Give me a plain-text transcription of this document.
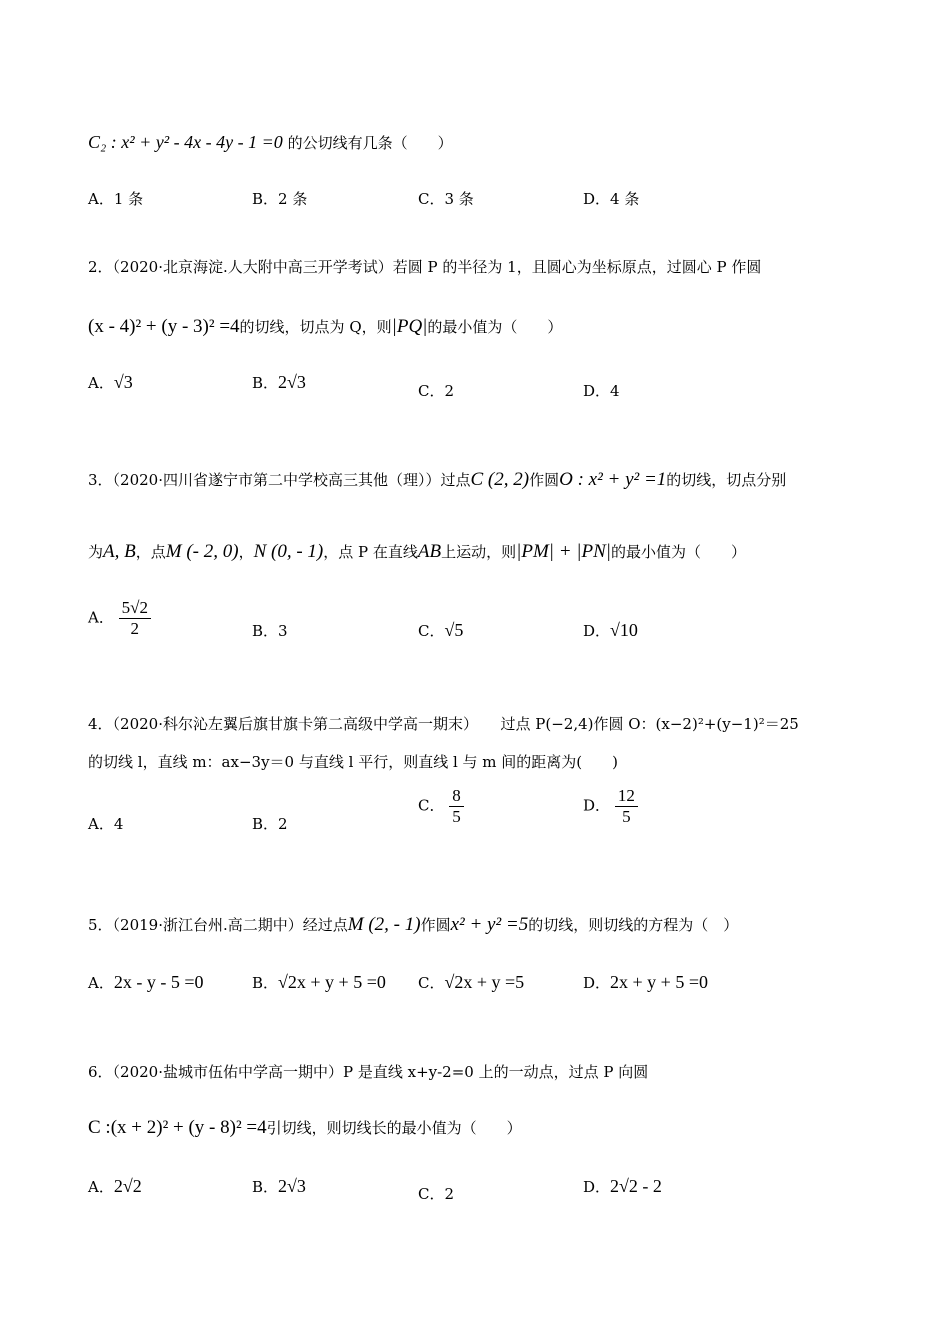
C₂ : x² + y² - 4x - 4y - 1 =0 的公切线有几条（　　）
A．1 条	B．2 条	C．3 条	D．4 条
2．（2020·北京海淀.人大附中高三开学考试）若圆 P 的半径为 1，且圆心为坐标原点，过圆心 P 作圆
(x - 4)² + (y - 3)² =4的切线，切点为 Q，则|PQ|的最小值为（　　）
A．√3	B．2√3	C．2	D．4
3．（2020·四川省遂宁市第二中学校高三其他（理））过点C (2, 2)作圆O : x² + y² =1的切线，切点分别
为A, B，点M (- 2, 0)，N (0, - 1)，点 P 在直线AB上运动，则|PM| + |PN|的最小值为（　　）
A． $\frac{5√2}{2}$	B．3	C．√5	D．√10
4．（2020·科尔沁左翼后旗甘旗卡第二高级中学高一期末）　　过点 P(−2,4)作圆 O：(x−2)²+(y−1)²＝25
的切线 l，直线 m：ax−3y＝0 与直线 l 平行，则直线 l 与 m 间的距离为(　　)
A．4	B．2
C． $\frac{8}{5}$	D． $\frac{12}{5}$
5．（2019·浙江台州.高二期中）经过点M (2, - 1)作圆x² + y² =5的切线，则切线的方程为（　）
A．2x - y - 5 =0	B．√2x + y + 5 =0 C．√2x + y =5	D．2x + y + 5 =0
6．（2020·盐城市伍佑中学高一期中）P 是直线 x+y-2=0 上的一动点，过点 P 向圆
C :(x + 2)² + (y - 8)² =4引切线，则切线长的最小值为（　　）
A．2√2	B．2√3	C．2	D．2√2 - 2
